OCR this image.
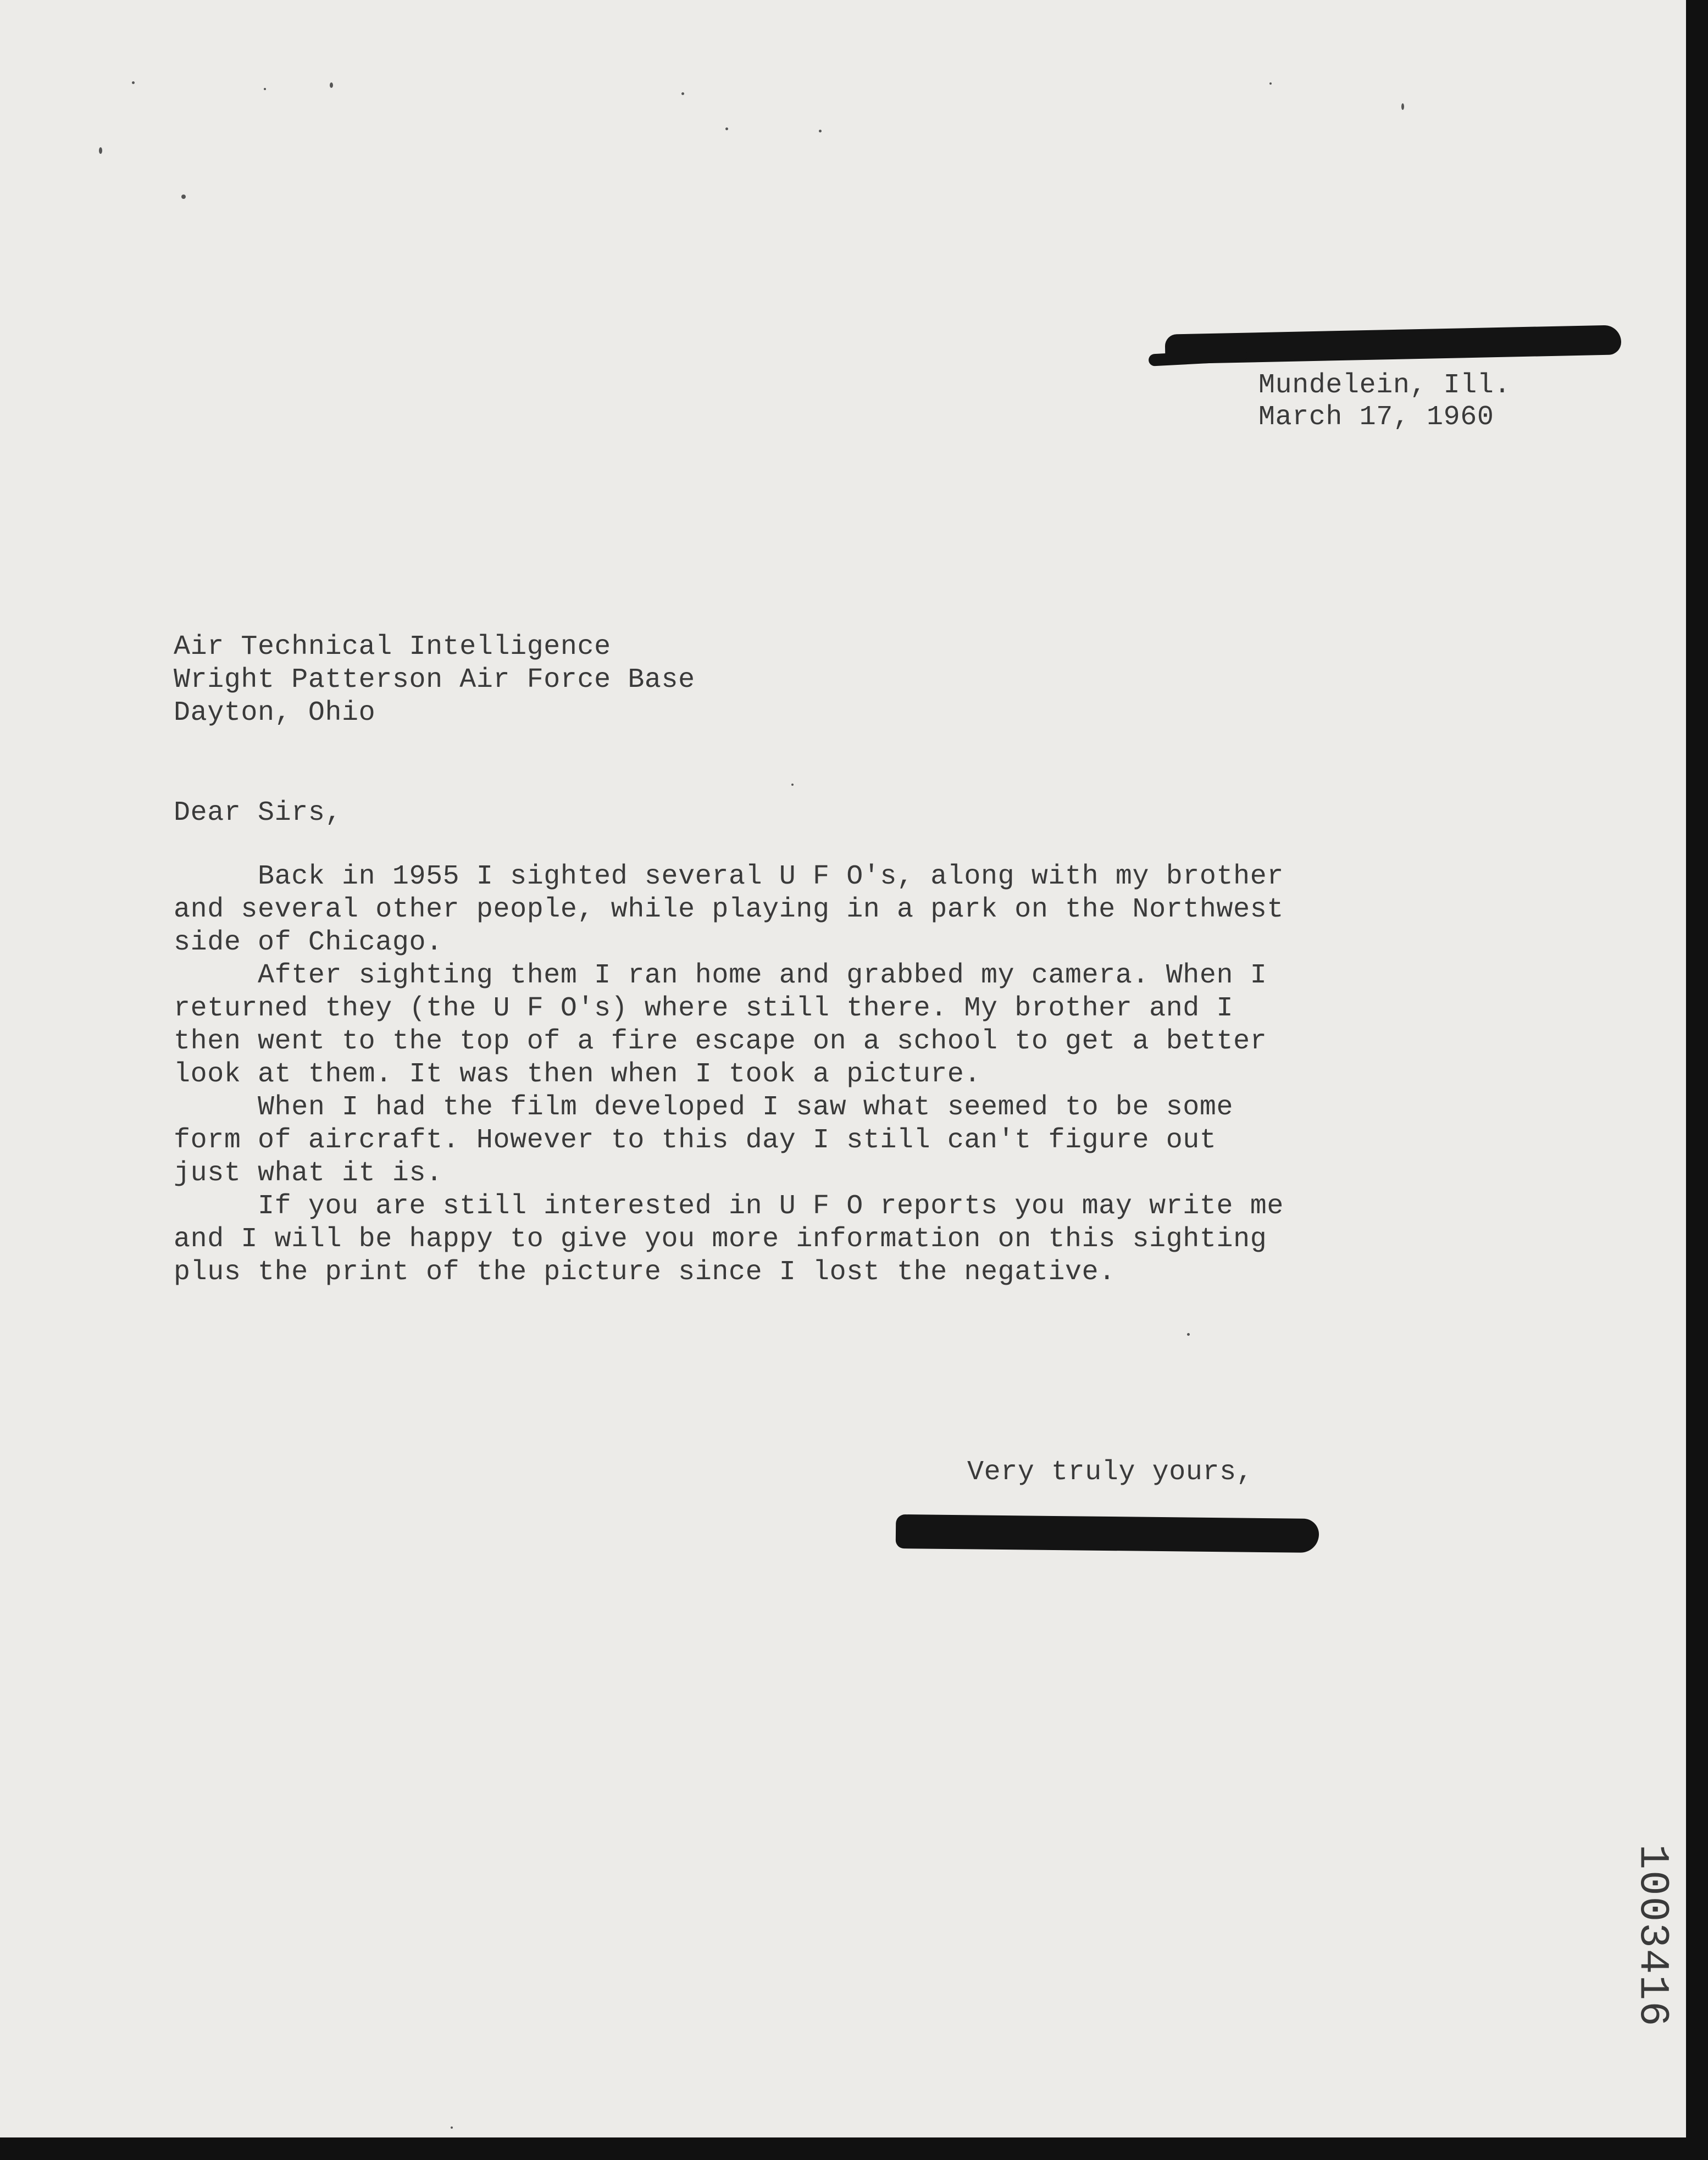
Mundelein, Ill.

March 17, 1960

Air Technical Intelligence

Wright Patterson Air Force Base

Dayton, Ohio

Dear Sirs,

Back in 1955 I sighted several U F O's, along with my brother

and several other people, while playing in a park on the Northwest

side of Chicago.

After sighting them I ran home and grabbed my camera. When I

returned they (the U F O's) where still there. My brother and I

then went to the top of a fire escape on a school to get a better

look at them. It was then when I took a picture.

When I had the film developed I saw what seemed to be some

form of aircraft. However to this day I still can't figure out

just what it is.

If you are still interested in U F O reports you may write me

and I will be happy to give you more information on this sighting

plus the print of the picture since I lost the negative.

Very truly yours,

1003416
